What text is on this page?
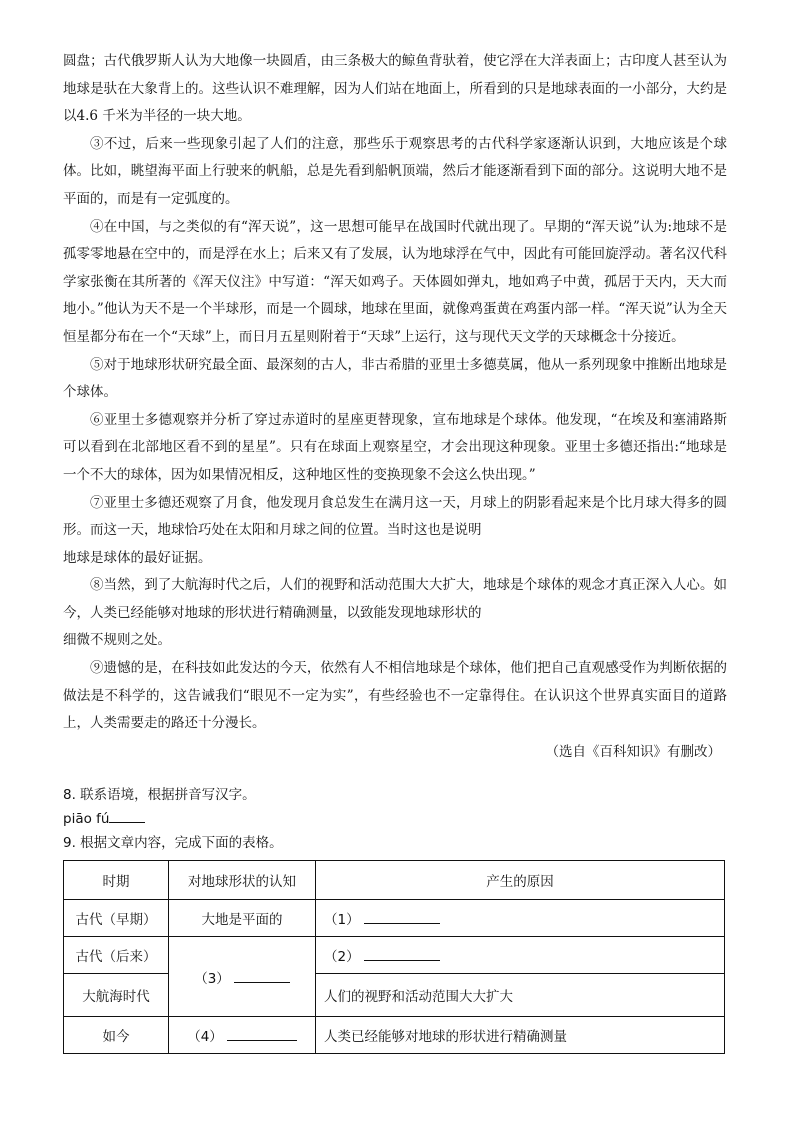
圆盘；古代俄罗斯人认为大地像一块圆盾，由三条极大的鲸鱼背驮着，使它浮在大洋表面上；古印度人甚至认为地球是驮在大象背上的。这些认识不难理解，因为人们站在地面上，所看到的只是地球表面的一小部分，大约是以4.6 千米为半径的一块大地。

③不过，后来一些现象引起了人们的注意，那些乐于观察思考的古代科学家逐渐认识到，大地应该是个球体。比如，眺望海平面上行驶来的帆船，总是先看到船帆顶端，然后才能逐渐看到下面的部分。这说明大地不是平面的，而是有一定弧度的。

④在中国，与之类似的有“浑天说”，这一思想可能早在战国时代就出现了。早期的“浑天说”认为:地球不是孤零零地悬在空中的，而是浮在水上；后来又有了发展，认为地球浮在气中，因此有可能回旋浮动。著名汉代科学家张衡在其所著的《浑天仪注》中写道：“浑天如鸡子。天体圆如弹丸，地如鸡子中黄，孤居于天内，天大而地小。”他认为天不是一个半球形，而是一个圆球，地球在里面，就像鸡蛋黄在鸡蛋内部一样。“浑天说”认为全天恒星都分布在一个“天球”上，而日月五星则附着于“天球”上运行，这与现代天文学的天球概念十分接近。

⑤对于地球形状研究最全面、最深刻的古人，非古希腊的亚里士多德莫属，他从一系列现象中推断出地球是个球体。

⑥亚里士多德观察并分析了穿过赤道时的星座更替现象，宣布地球是个球体。他发现，“在埃及和塞浦路斯可以看到在北部地区看不到的星星”。只有在球面上观察星空，才会出现这种现象。亚里士多德还指出:“地球是一个不大的球体，因为如果情况相反，这种地区性的变换现象不会这么快出现。”

⑦亚里士多德还观察了月食，他发现月食总发生在满月这一天，月球上的阴影看起来是个比月球大得多的圆形。而这一天，地球恰巧处在太阳和月球之间的位置。当时这也是说明

地球是球体的最好证据。

⑧当然，到了大航海时代之后，人们的视野和活动范围大大扩大，地球是个球体的观念才真正深入人心。如今，人类已经能够对地球的形状进行精确测量，以致能发现地球形状的

细微不规则之处。

⑨遗憾的是，在科技如此发达的今天，依然有人不相信地球是个球体，他们把自己直观感受作为判断依据的做法是不科学的，这告诫我们“眼见不一定为实”，有些经验也不一定靠得住。在认识这个世界真实面目的道路上，人类需要走的路还十分漫长。

（选自《百科知识》有删改）
8. 联系语境，根据拼音写汉字。
piāo fú
9. 根据文章内容，完成下面的表格。
时期	对地球形状的认知	产生的原因
古代（早期）	大地是平面的	（1）
古代（后来）	（3）	（2）
大航海时代		人们的视野和活动范围大大扩大
如今	（4）	人类已经能够对地球的形状进行精确测量
